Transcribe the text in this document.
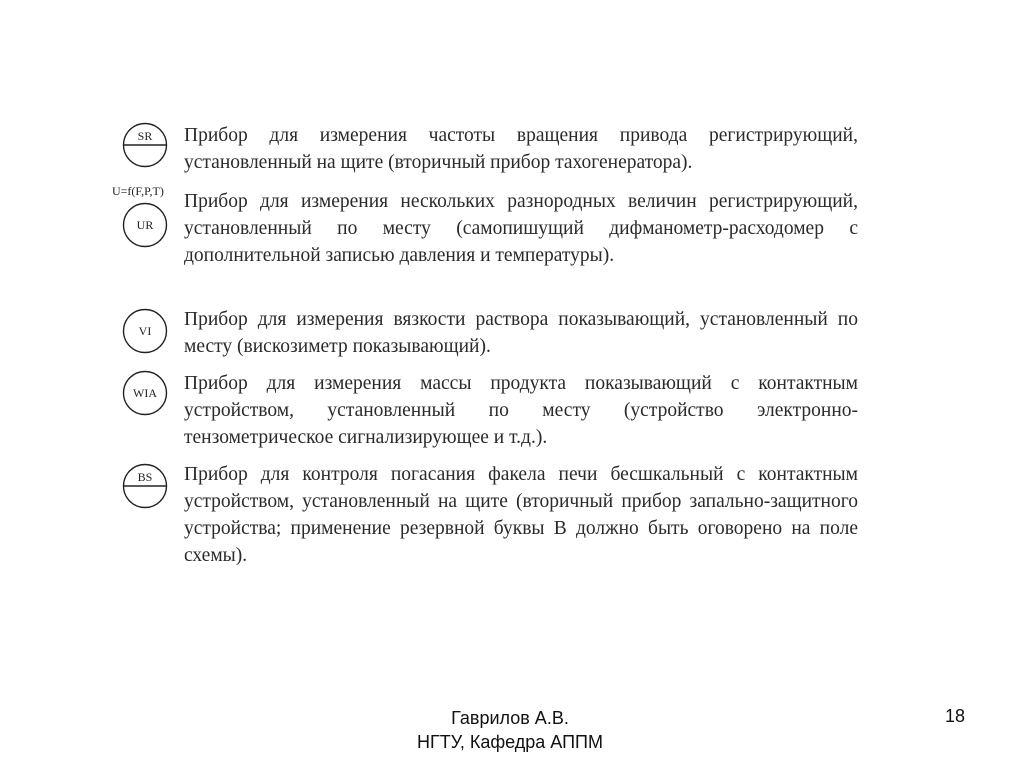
SR Прибор для измерения частоты вращения привода регистрирующий, установленный на щите (вторичный прибор тахогенератора).
U=f(F,P,T)
UR
Прибор для измерения нескольких разнородных величин регистрирующий, установленный по месту (самопишущий дифманометр-расходомер с дополнительной записью давления и температуры).
VI
Прибор для измерения вязкости раствора показывающий, установленный по месту (вискозиметр показывающий).
WIA Прибор для измерения массы продукта показывающий с контактным устройством, установленный по месту (устройство электронно-тензометрическое сигнализирующее и т.д.).
BS Прибор для контроля погасания факела печи бесшкальный с контактным устройством, установленный на щите (вторичный прибор запально-защитного устройства; применение резервной буквы B должно быть оговорено на поле схемы).
Гаврилов А.В.
НГТУ, Кафедра АППМ
18
